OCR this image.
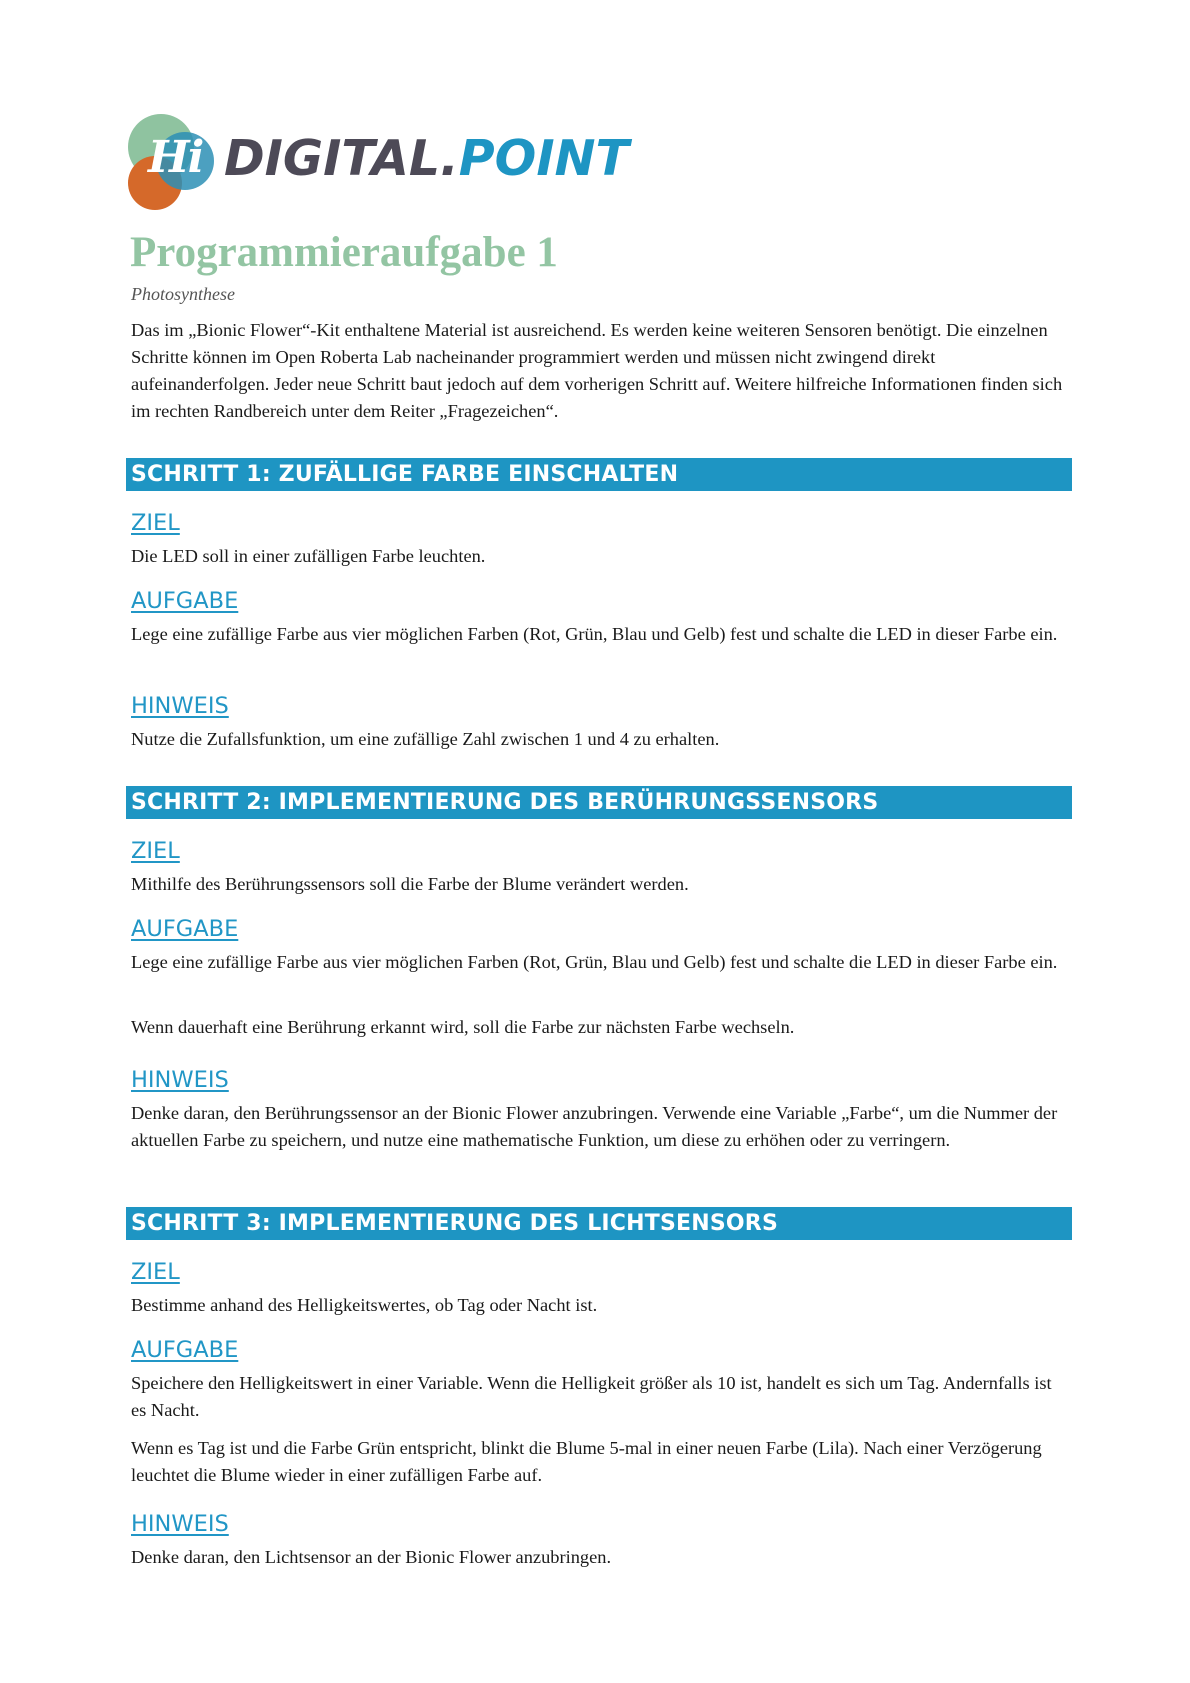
Hi DIGITAL.POINT
Programmieraufgabe 1
Photosynthese

Das im „Bionic Flower“-Kit enthaltene Material ist ausreichend. Es werden keine weiteren Sensoren benötigt. Die einzelnen Schritte können im Open Roberta Lab nacheinander programmiert werden und müssen nicht zwingend direkt aufeinanderfolgen. Jeder neue Schritt baut jedoch auf dem vorherigen Schritt auf. Weitere hilfreiche Informationen finden sich im rechten Randbereich unter dem Reiter „Fragezeichen“.

SCHRITT 1: ZUFÄLLIGE FARBE EINSCHALTEN
ZIEL

Die LED soll in einer zufälligen Farbe leuchten.

AUFGABE

Lege eine zufällige Farbe aus vier möglichen Farben (Rot, Grün, Blau und Gelb) fest und schalte die LED in dieser Farbe ein.

HINWEIS

Nutze die Zufallsfunktion, um eine zufällige Zahl zwischen 1 und 4 zu erhalten.

SCHRITT 2: IMPLEMENTIERUNG DES BERÜHRUNGSSENSORS
ZIEL

Mithilfe des Berührungssensors soll die Farbe der Blume verändert werden.

AUFGABE

Lege eine zufällige Farbe aus vier möglichen Farben (Rot, Grün, Blau und Gelb) fest und schalte die LED in dieser Farbe ein.

Wenn dauerhaft eine Berührung erkannt wird, soll die Farbe zur nächsten Farbe wechseln.

HINWEIS

Denke daran, den Berührungssensor an der Bionic Flower anzubringen. Verwende eine Variable „Farbe“, um die Nummer der aktuellen Farbe zu speichern, und nutze eine mathematische Funktion, um diese zu erhöhen oder zu verringern.

SCHRITT 3: IMPLEMENTIERUNG DES LICHTSENSORS
ZIEL

Bestimme anhand des Helligkeitswertes, ob Tag oder Nacht ist.

AUFGABE

Speichere den Helligkeitswert in einer Variable. Wenn die Helligkeit größer als 10 ist, handelt es sich um Tag. Andernfalls ist es Nacht.

Wenn es Tag ist und die Farbe Grün entspricht, blinkt die Blume 5-mal in einer neuen Farbe (Lila). Nach einer Verzögerung leuchtet die Blume wieder in einer zufälligen Farbe auf.

HINWEIS

Denke daran, den Lichtsensor an der Bionic Flower anzubringen.
